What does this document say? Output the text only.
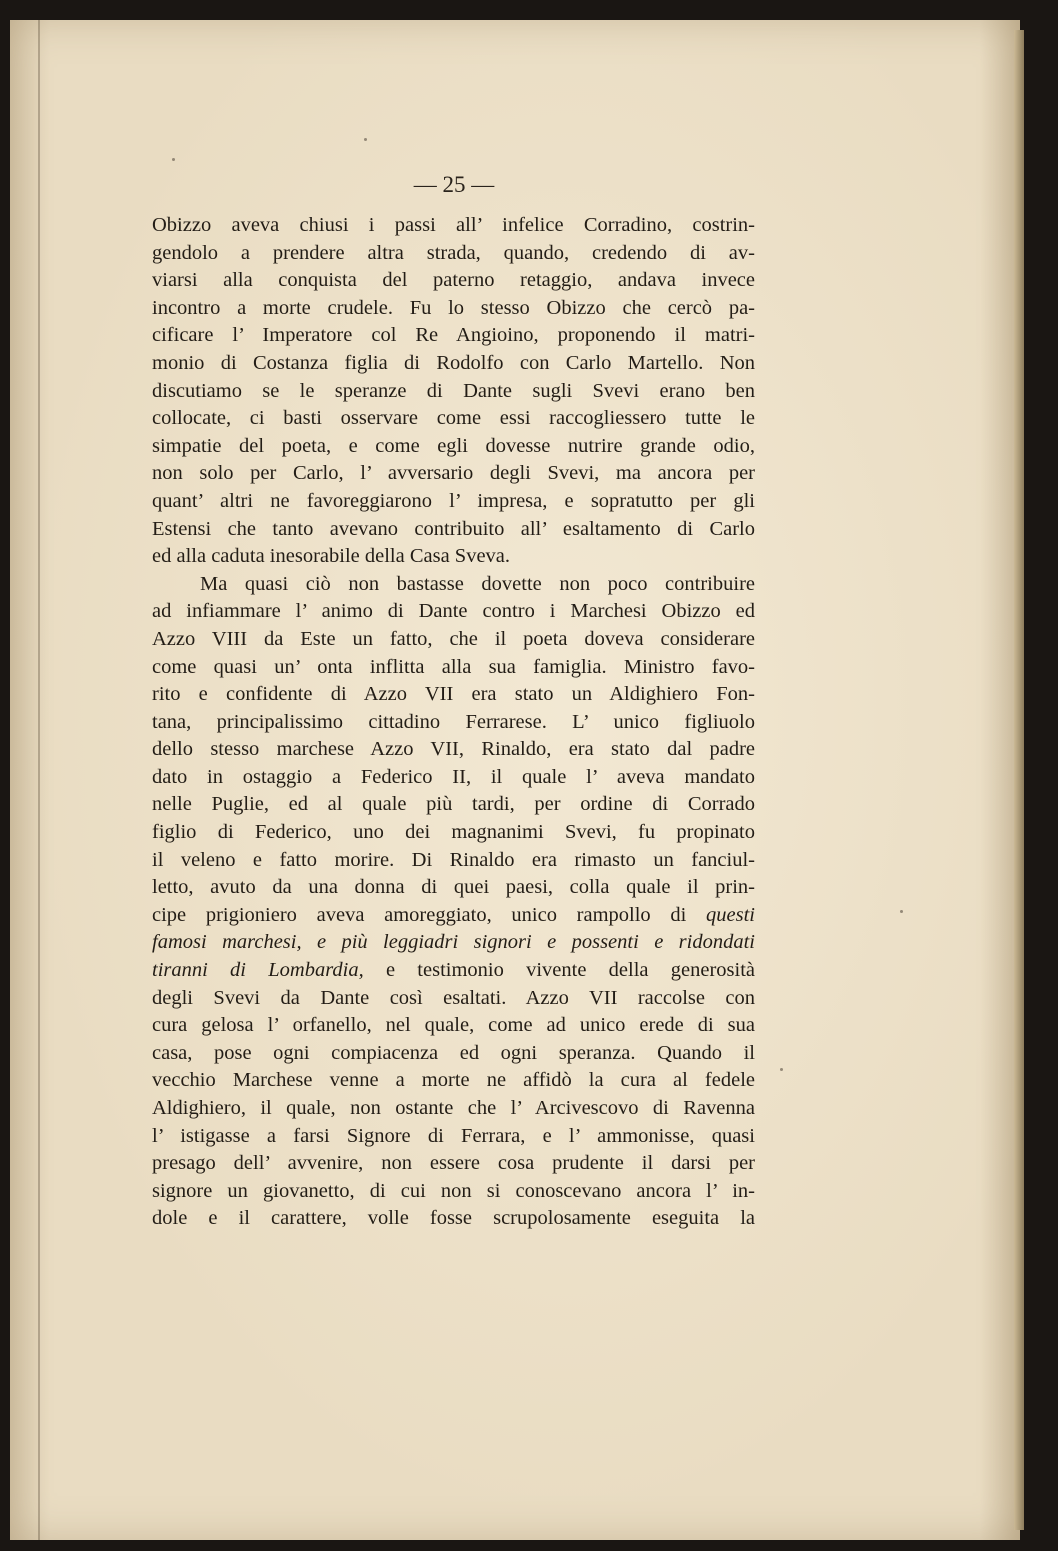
— 25 —
Obizzo aveva chiusi i passi all’ infelice Corradino, costrin-
gendolo a prendere altra strada, quando, credendo di av-
viarsi alla conquista del paterno retaggio, andava invece
incontro a morte crudele. Fu lo stesso Obizzo che cercò pa-
cificare l’ Imperatore col Re Angioino, proponendo il matri-
monio di Costanza figlia di Rodolfo con Carlo Martello. Non
discutiamo se le speranze di Dante sugli Svevi erano ben
collocate, ci basti osservare come essi raccogliessero tutte le
simpatie del poeta, e come egli dovesse nutrire grande odio,
non solo per Carlo, l’ avversario degli Svevi, ma ancora per
quant’ altri ne favoreggiarono l’ impresa, e sopratutto per gli
Estensi che tanto avevano contribuito all’ esaltamento di Carlo
ed alla caduta inesorabile della Casa Sveva.
Ma quasi ciò non bastasse dovette non poco contribuire
ad infiammare l’ animo di Dante contro i Marchesi Obizzo ed
Azzo VIII da Este un fatto, che il poeta doveva considerare
come quasi un’ onta inflitta alla sua famiglia. Ministro favo-
rito e confidente di Azzo VII era stato un Aldighiero Fon-
tana, principalissimo cittadino Ferrarese. L’ unico figliuolo
dello stesso marchese Azzo VII, Rinaldo, era stato dal padre
dato in ostaggio a Federico II, il quale l’ aveva mandato
nelle Puglie, ed al quale più tardi, per ordine di Corrado
figlio di Federico, uno dei magnanimi Svevi, fu propinato
il veleno e fatto morire. Di Rinaldo era rimasto un fanciul-
letto, avuto da una donna di quei paesi, colla quale il prin-
cipe prigioniero aveva amoreggiato, unico rampollo di questi
famosi marchesi, e più leggiadri signori e possenti e ridondati
tiranni di Lombardia, e testimonio vivente della generosità
degli Svevi da Dante così esaltati. Azzo VII raccolse con
cura gelosa l’ orfanello, nel quale, come ad unico erede di sua
casa, pose ogni compiacenza ed ogni speranza. Quando il
vecchio Marchese venne a morte ne affidò la cura al fedele
Aldighiero, il quale, non ostante che l’ Arcivescovo di Ravenna
l’ istigasse a farsi Signore di Ferrara, e l’ ammonisse, quasi
presago dell’ avvenire, non essere cosa prudente il darsi per
signore un giovanetto, di cui non si conoscevano ancora l’ in-
dole e il carattere, volle fosse scrupolosamente eseguita la
